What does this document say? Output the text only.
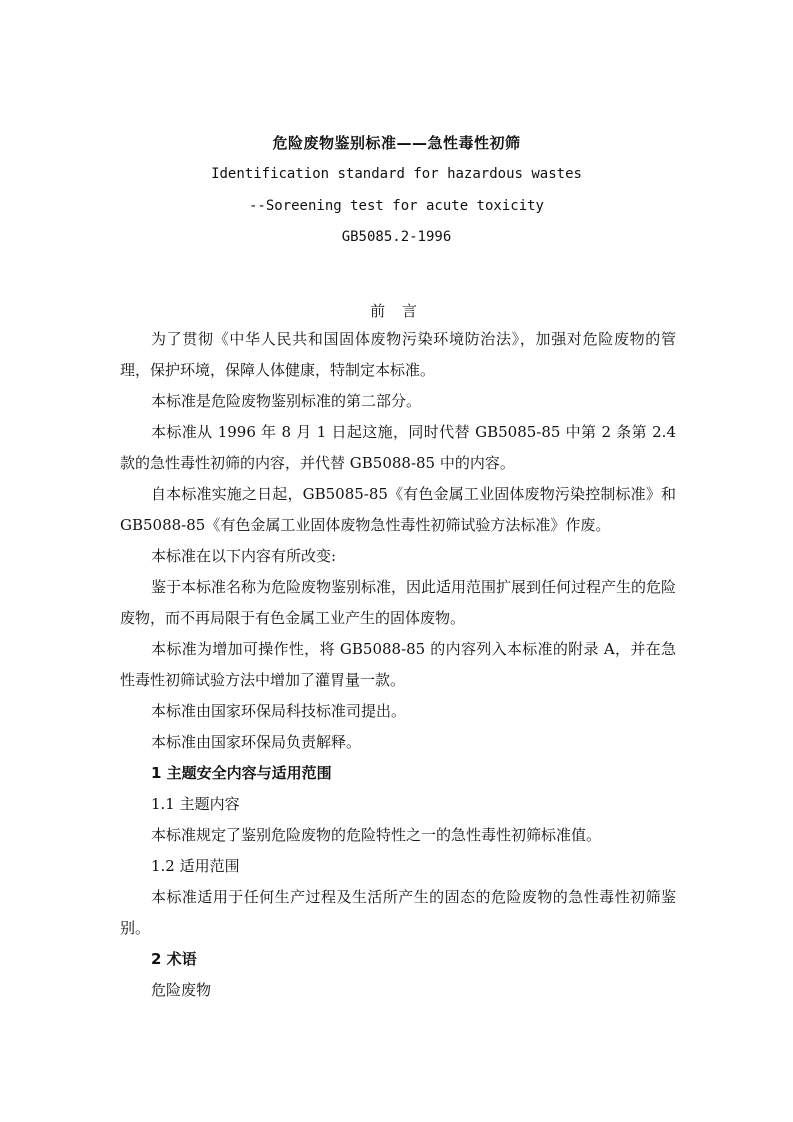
危险废物鉴别标准——急性毒性初筛
Identification standard for hazardous wastes
--Soreening test for acute toxicity
GB5085.2-1996
前 言

为了贯彻《中华人民共和国固体废物污染环境防治法》，加强对危险废物的管理，保护环境，保障人体健康，特制定本标准。

本标准是危险废物鉴别标准的第二部分。

本标准从 1996 年 8 月 1 日起这施，同时代替 GB5085-85 中第 2 条第 2.4 款的急性毒性初筛的内容，并代替 GB5088-85 中的内容。

自本标准实施之日起，GB5085-85《有色金属工业固体废物污染控制标准》和 GB5088-85《有色金属工业固体废物急性毒性初筛试验方法标准》作废。

本标准在以下内容有所改变:

鉴于本标准名称为危险废物鉴别标准，因此适用范围扩展到任何过程产生的危险废物，而不再局限于有色金属工业产生的固体废物。

本标准为增加可操作性，将 GB5088-85 的内容列入本标准的附录 A，并在急性毒性初筛试验方法中增加了灌胃量一款。

本标准由国家环保局科技标准司提出。

本标准由国家环保局负责解释。

1 主题安全内容与适用范围

1.1 主题内容

本标准规定了鉴别危险废物的危险特性之一的急性毒性初筛标准值。

1.2 适用范围

本标准适用于任何生产过程及生活所产生的固态的危险废物的急性毒性初筛鉴别。

2 术语

危险废物
